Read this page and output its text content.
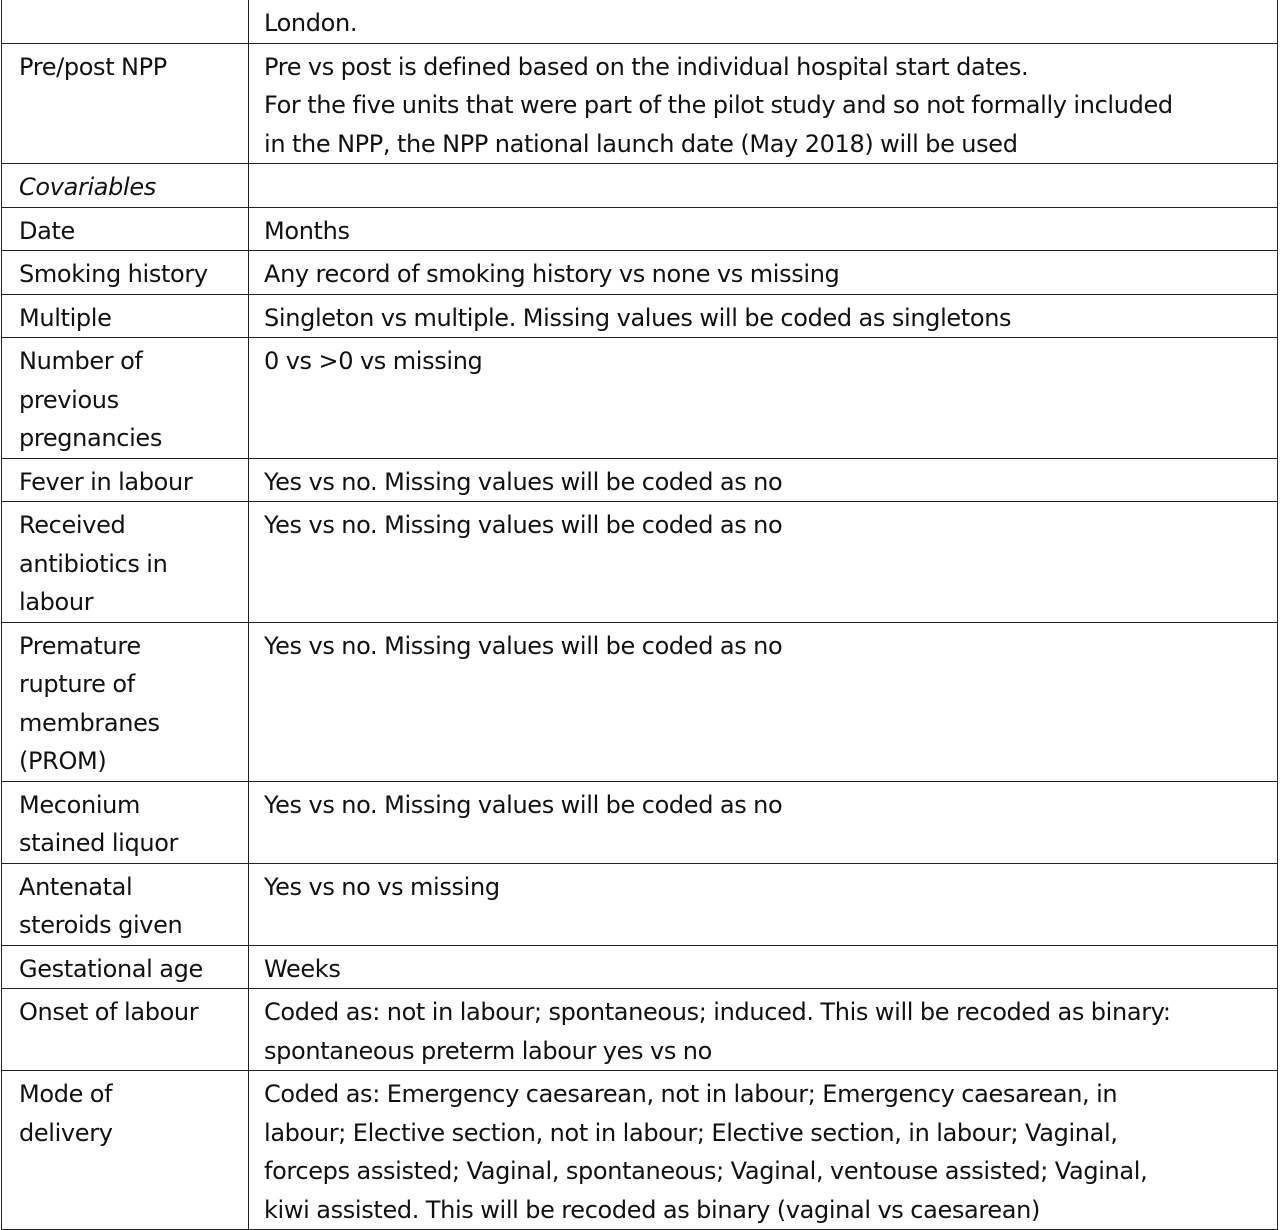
	London.

Pre/post NPP	Pre vs post is defined based on the individual hospital start dates.
For the five units that were part of the pilot study and so not formally included
in the NPP, the NPP national launch date (May 2018) will be used

Covariables	

Date	Months

Smoking history	Any record of smoking history vs none vs missing

Multiple	Singleton vs multiple. Missing values will be coded as singletons

Number of
previous
pregnancies	0 vs >0 vs missing

Fever in labour	Yes vs no. Missing values will be coded as no

Received
antibiotics in
labour	Yes vs no. Missing values will be coded as no

Premature
rupture of
membranes
(PROM)	Yes vs no. Missing values will be coded as no

Meconium
stained liquor	Yes vs no. Missing values will be coded as no

Antenatal
steroids given	Yes vs no vs missing

Gestational age	Weeks

Onset of labour	Coded as: not in labour; spontaneous; induced. This will be recoded as binary:
spontaneous preterm labour yes vs no

Mode of
delivery	Coded as: Emergency caesarean, not in labour; Emergency caesarean, in
labour; Elective section, not in labour; Elective section, in labour; Vaginal,
forceps assisted; Vaginal, spontaneous; Vaginal, ventouse assisted; Vaginal,
kiwi assisted. This will be recoded as binary (vaginal vs caesarean)
